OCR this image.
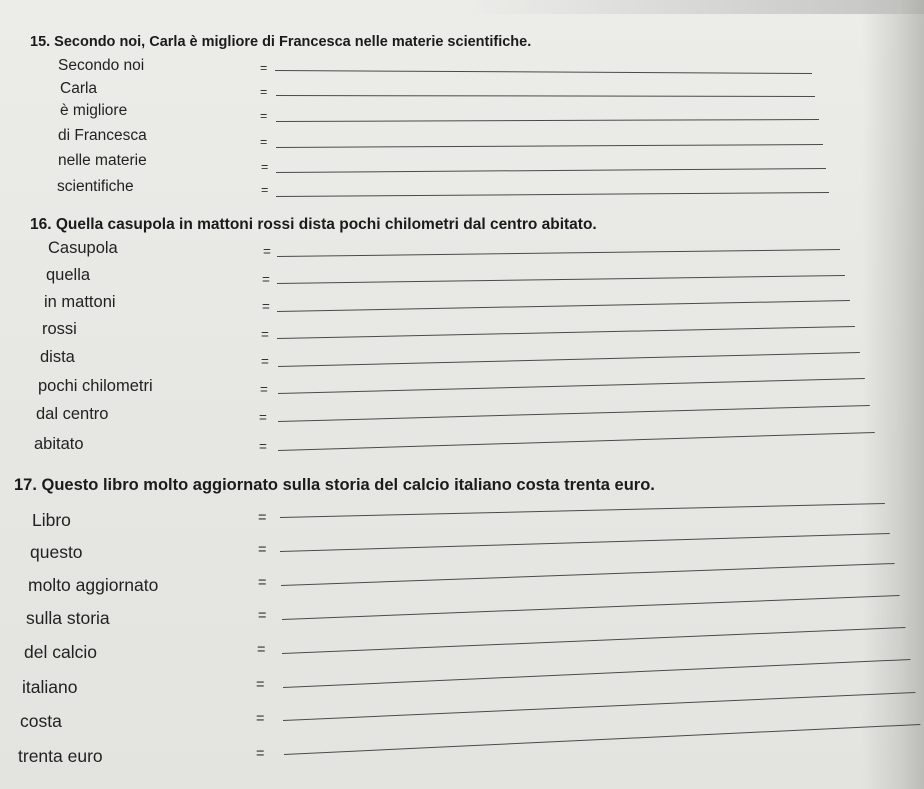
15. Secondo noi, Carla è migliore di Francesca nelle materie scientifiche.
Secondo noi	=
Carla	=
è migliore	=
di Francesca	=
nelle materie	=
scientifiche	=
16. Quella casupola in mattoni rossi dista pochi chilometri dal centro abitato.
Casupola	=
quella	=
in mattoni	=
rossi	=
dista	=
pochi chilometri	=
dal centro	=
abitato	=
17. Questo libro molto aggiornato sulla storia del calcio italiano costa trenta euro.
Libro	=
questo	=
molto aggiornato	=
sulla storia	=
del calcio	=
italiano	=
costa	=
trenta euro	=
